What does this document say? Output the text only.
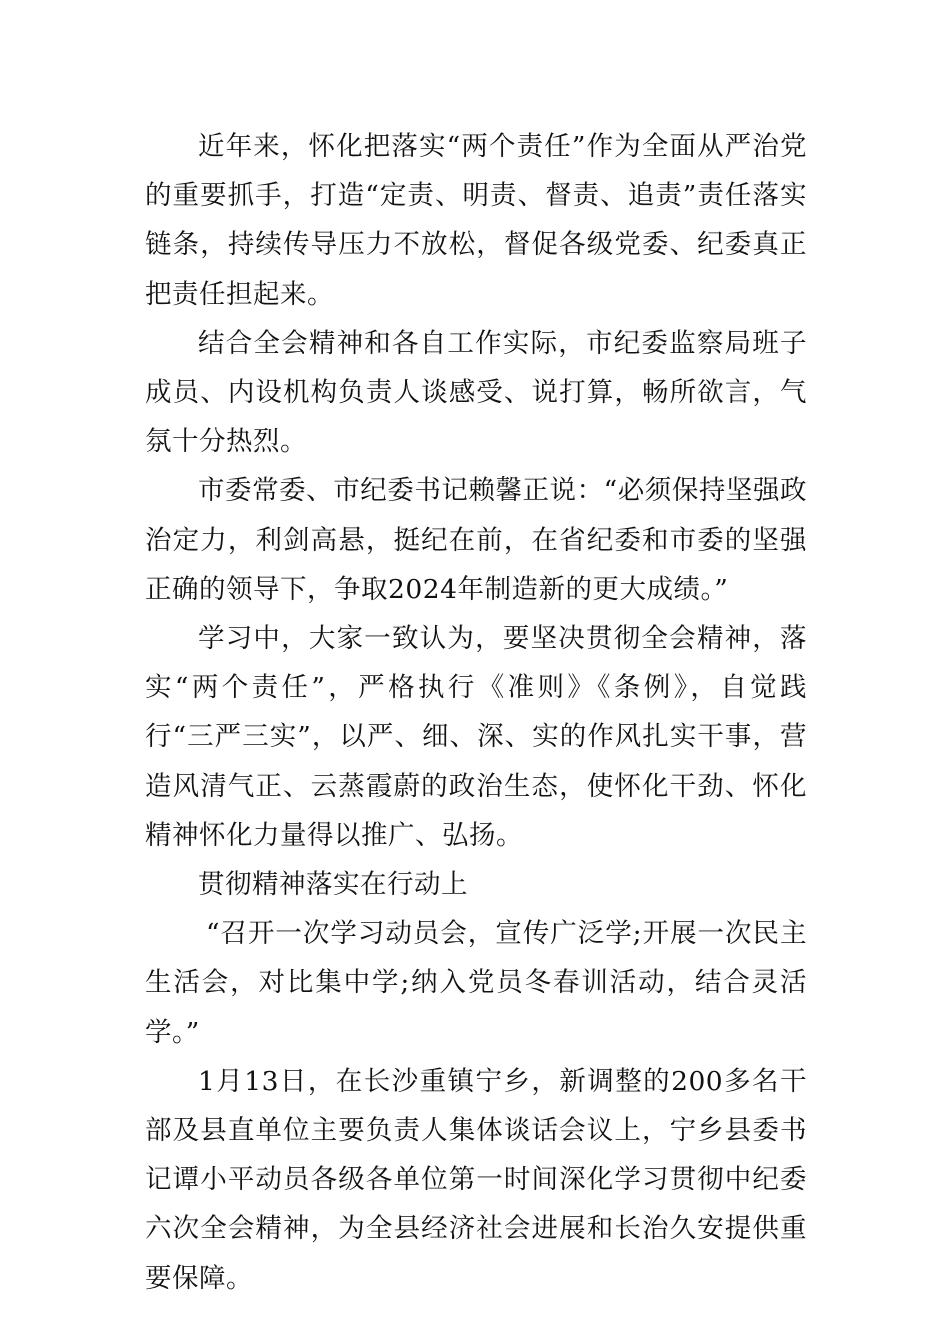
近年来，怀化把落实“两个责任”作为全面从严治党的重要抓手，打造“定责、明责、督责、追责”责任落实链条，持续传导压力不放松，督促各级党委、纪委真正把责任担起来。

结合全会精神和各自工作实际，市纪委监察局班子成员、内设机构负责人谈感受、说打算，畅所欲言，气氛十分热烈。

市委常委、市纪委书记赖馨正说：“必须保持坚强政治定力，利剑高悬，挺纪在前，在省纪委和市委的坚强正确的领导下，争取2024年制造新的更大成绩。”

学习中，大家一致认为，要坚决贯彻全会精神，落实“两个责任”，严格执行《准则》《条例》，自觉践行“三严三实”，以严、细、深、实的作风扎实干事，营造风清气正、云蒸霞蔚的政治生态，使怀化干劲、怀化精神怀化力量得以推广、弘扬。

贯彻精神落实在行动上

“召开一次学习动员会，宣传广泛学;开展一次民主生活会，对比集中学;纳入党员冬春训活动，结合灵活学。”

1月13日，在长沙重镇宁乡，新调整的200多名干部及县直单位主要负责人集体谈话会议上，宁乡县委书记谭小平动员各级各单位第一时间深化学习贯彻中纪委六次全会精神，为全县经济社会进展和长治久安提供重要保障。
